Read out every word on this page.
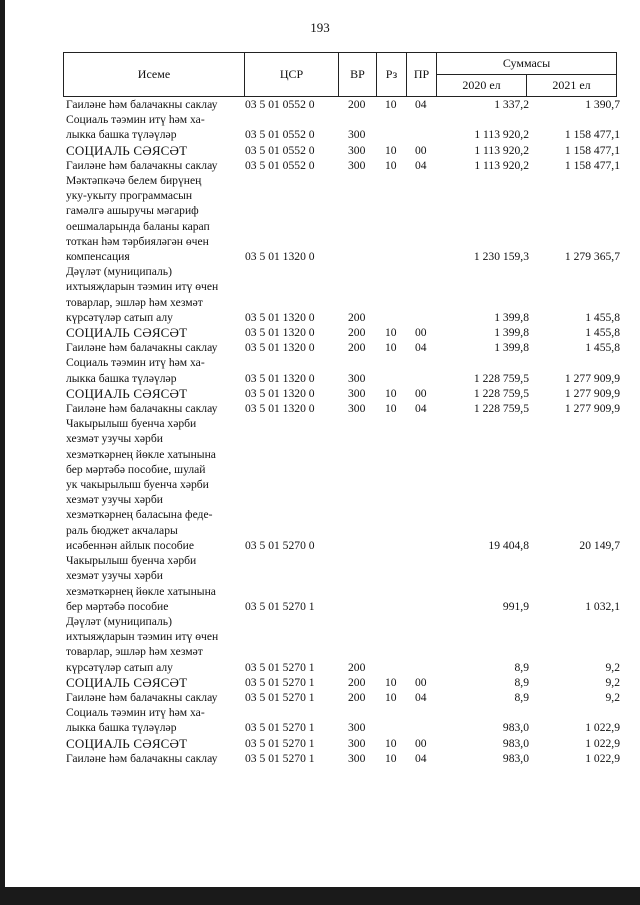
193
Исеме	ЦСР	ВР	Рз	ПР	Суммасы	
					2020 ел	2021 ел
Гаиләне һәм балачакны саклау	03 5 01 0552 0	200	10	04	1 337,2	1 390,7
Социаль тәэмин итү һәм ха-
лыкка башка түләүләр	03 5 01 0552 0	300	1 113 920,2	1 158 477,1
СОЦИАЛЬ СӘЯСӘТ	03 5 01 0552 0	300	10	00	1 113 920,2	1 158 477,1
Гаиләне һәм балачакны саклау	03 5 01 0552 0	300	10	04	1 113 920,2	1 158 477,1
Мәктәпкәчә белем бирүнең
уку-укыту программасын
гамәлгә ашыручы мәгариф
оешмаларында баланы карап
тоткан һәм тәрбияләгән өчен
компенсация	03 5 01 1320 0	1 230 159,3	1 279 365,7
Дәүләт (муниципаль)
ихтыяҗларын тәэмин итү өчен
товарлар, эшләр һәм хезмәт
күрсәтүләр сатып алу	03 5 01 1320 0	200	1 399,8	1 455,8
СОЦИАЛЬ СӘЯСӘТ	03 5 01 1320 0	200	10	00	1 399,8	1 455,8
Гаиләне һәм балачакны саклау	03 5 01 1320 0	200	10	04	1 399,8	1 455,8
Социаль тәэмин итү һәм ха-
лыкка башка түләүләр	03 5 01 1320 0	300	1 228 759,5	1 277 909,9
СОЦИАЛЬ СӘЯСӘТ	03 5 01 1320 0	300	10	00	1 228 759,5	1 277 909,9
Гаиләне һәм балачакны саклау	03 5 01 1320 0	300	10	04	1 228 759,5	1 277 909,9
Чакырылыш буенча хәрби
хезмәт узучы хәрби
хезмәткәрнең йөкле хатынына
бер мәртәбә пособие, шулай
ук чакырылыш буенча хәрби
хезмәт узучы хәрби
хезмәткәрнең баласына феде-
раль бюджет акчалары
исәбеннән айлык пособие	03 5 01 5270 0	19 404,8	20 149,7
Чакырылыш буенча хәрби
хезмәт узучы хәрби
хезмәткәрнең йөкле хатынына
бер мәртәбә пособие	03 5 01 5270 1	991,9	1 032,1
Дәүләт (муниципаль)
ихтыяҗларын тәэмин итү өчен
товарлар, эшләр һәм хезмәт
күрсәтүләр сатып алу	03 5 01 5270 1	200	8,9	9,2
СОЦИАЛЬ СӘЯСӘТ	03 5 01 5270 1	200	10	00	8,9	9,2
Гаиләне һәм балачакны саклау	03 5 01 5270 1	200	10	04	8,9	9,2
Социаль тәэмин итү һәм ха-
лыкка башка түләүләр	03 5 01 5270 1	300	983,0	1 022,9
СОЦИАЛЬ СӘЯСӘТ	03 5 01 5270 1	300	10	00	983,0	1 022,9
Гаиләне һәм балачакны саклау	03 5 01 5270 1	300	10	04	983,0	1 022,9
